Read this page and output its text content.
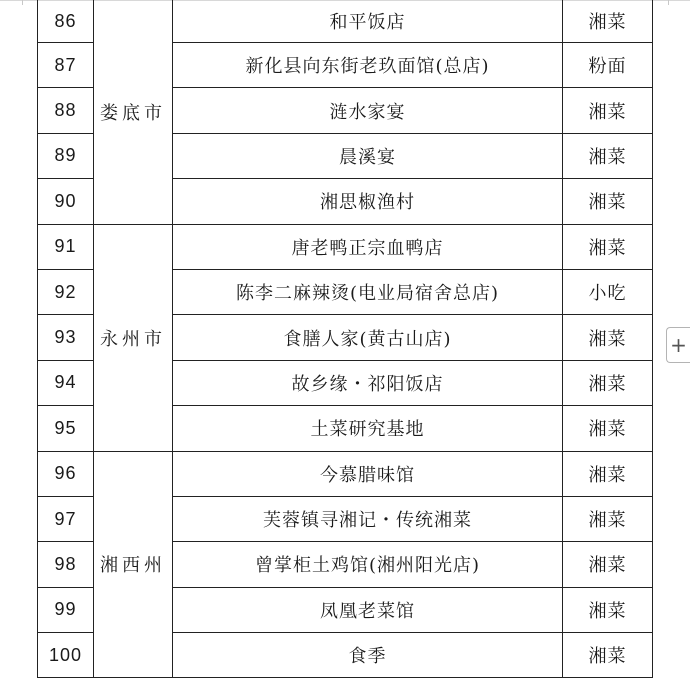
86	娄底市	和平饭店	湘菜
87		新化县向东街老玖面馆(总店)	粉面
88		涟水家宴	湘菜
89		晨溪宴	湘菜
90		湘思椒渔村	湘菜
91	永州市	唐老鸭正宗血鸭店	湘菜
92		陈李二麻辣烫(电业局宿舍总店)	小吃
93		食膳人家(黄古山店)	湘菜
94		故乡缘・祁阳饭店	湘菜
95		土菜研究基地	湘菜
96	湘西州	今慕腊味馆	湘菜
97		芙蓉镇寻湘记・传统湘菜	湘菜
98		曾掌柜土鸡馆(湘州阳光店)	湘菜
99		凤凰老菜馆	湘菜
100		食季	湘菜
+
